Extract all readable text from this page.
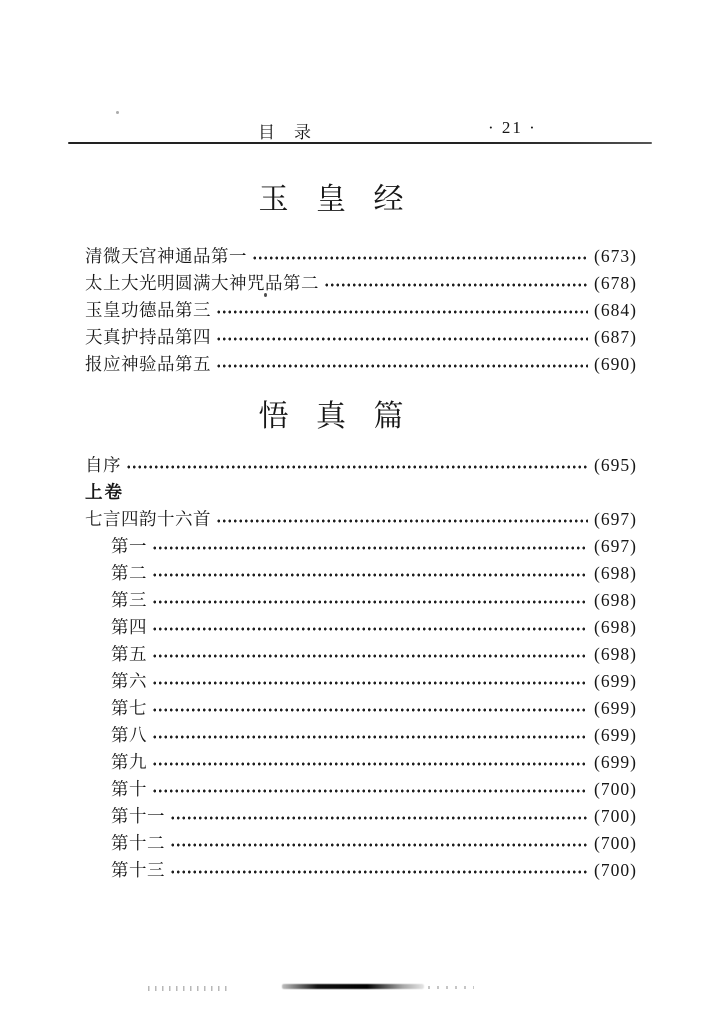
目　录	· 21 ·
玉 皇 经
清微天宫神通品第一	(673)
太上大光明圆满大神咒品第二	(678)
玉皇功德品第三	(684)
天真护持品第四	(687)
报应神验品第五	(690)
悟 真 篇
自序	(695)
上卷
七言四韵十六首	(697)
第一	(697)
第二	(698)
第三	(698)
第四	(698)
第五	(698)
第六	(699)
第七	(699)
第八	(699)
第九	(699)
第十	(700)
第十一	(700)
第十二	(700)
第十三	(700)
